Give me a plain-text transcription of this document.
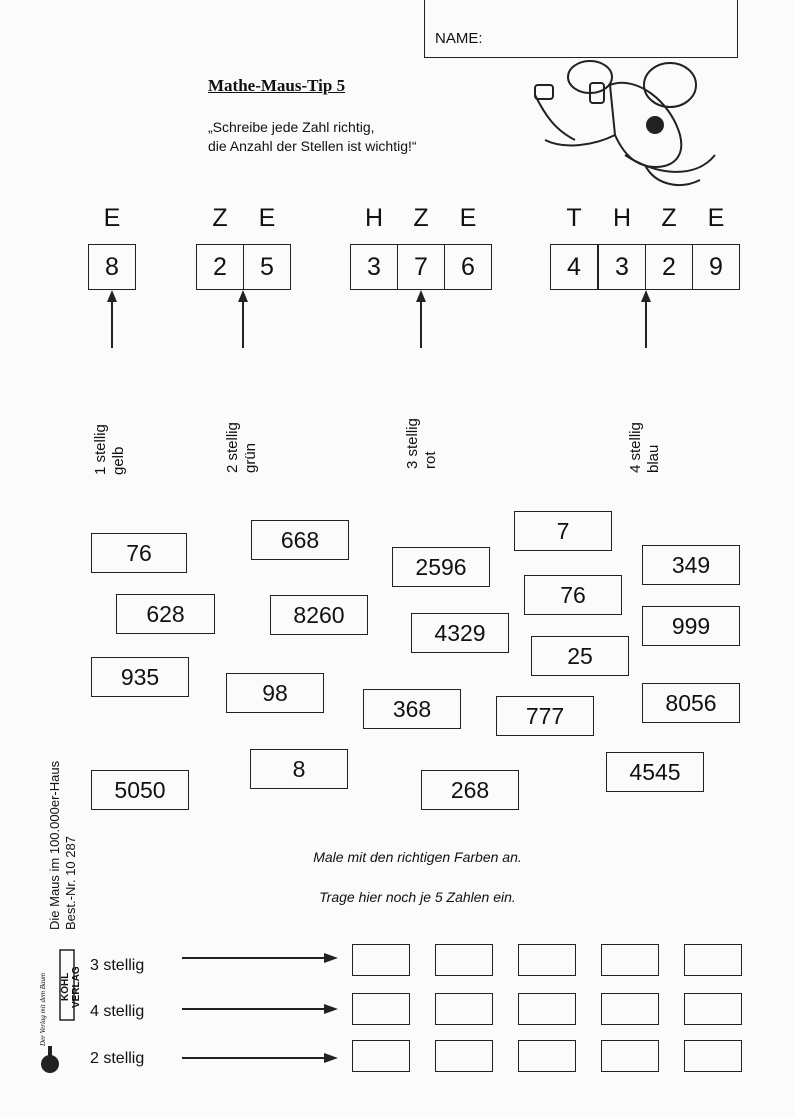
NAME:
Mathe-Maus-Tip 5
„Schreibe jede Zahl richtig,
die Anzahl der Stellen ist wichtig!“
E	Z	E	H	Z	E	T	H	Z	E
8	2	5	3	7	6	4	3	2	9
1 stellig
gelb	2 stellig
grün	3 stellig
rot	4 stellig
blau
76
628
935
5050
668
8260
98
8
2596
4329
368
268
7
76
25
777
349
999
8056
4545
Male mit den richtigen Farben an.
Trage hier noch je 5 Zahlen ein.
3 stellig
4 stellig
2 stellig
Die Maus im 100.000er-Haus
Best.-Nr. 10 287
KOHL VERLAG
Der Verlag mit dem Baum
